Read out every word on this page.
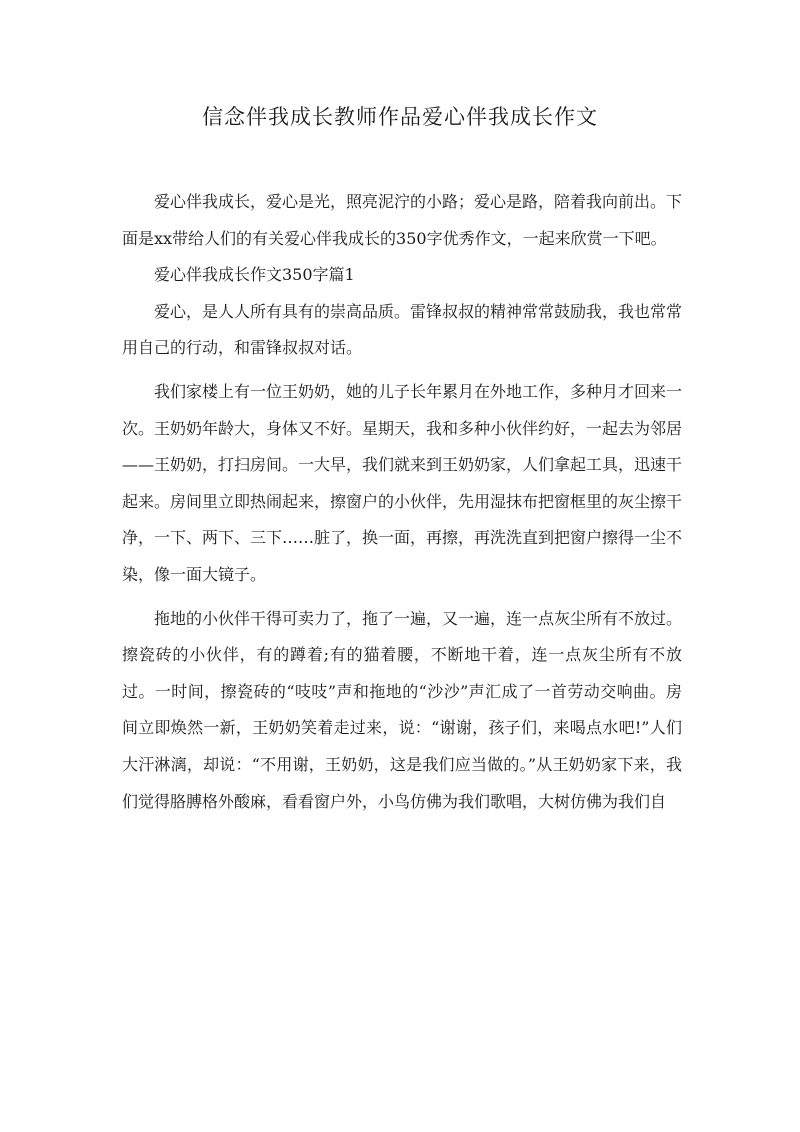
信念伴我成长教师作品爱心伴我成长作文

爱心伴我成长，爱心是光，照亮泥泞的小路；爱心是路，陪着我向前出。下面是xx带给人们的有关爱心伴我成长的350字优秀作文，一起来欣赏一下吧。

爱心伴我成长作文350字篇1

爱心，是人人所有具有的崇高品质。雷锋叔叔的精神常常鼓励我，我也常常用自己的行动，和雷锋叔叔对话。

我们家楼上有一位王奶奶，她的儿子长年累月在外地工作，多种月才回来一次。王奶奶年龄大，身体又不好。星期天，我和多种小伙伴约好，一起去为邻居——王奶奶，打扫房间。一大早，我们就来到王奶奶家，人们拿起工具，迅速干起来。房间里立即热闹起来，擦窗户的小伙伴，先用湿抹布把窗框里的灰尘擦干净，一下、两下、三下……脏了，换一面，再擦，再洗洗直到把窗户擦得一尘不染，像一面大镜子。

拖地的小伙伴干得可卖力了，拖了一遍，又一遍，连一点灰尘所有不放过。擦瓷砖的小伙伴，有的蹲着;有的猫着腰，不断地干着，连一点灰尘所有不放过。一时间，擦瓷砖的“吱吱”声和拖地的“沙沙”声汇成了一首劳动交响曲。房间立即焕然一新，王奶奶笑着走过来，说：“谢谢，孩子们，来喝点水吧!”人们大汗淋漓，却说：“不用谢，王奶奶，这是我们应当做的。”从王奶奶家下来，我们觉得胳膊格外酸麻，看看窗户外，小鸟仿佛为我们歌唱，大树仿佛为我们自
